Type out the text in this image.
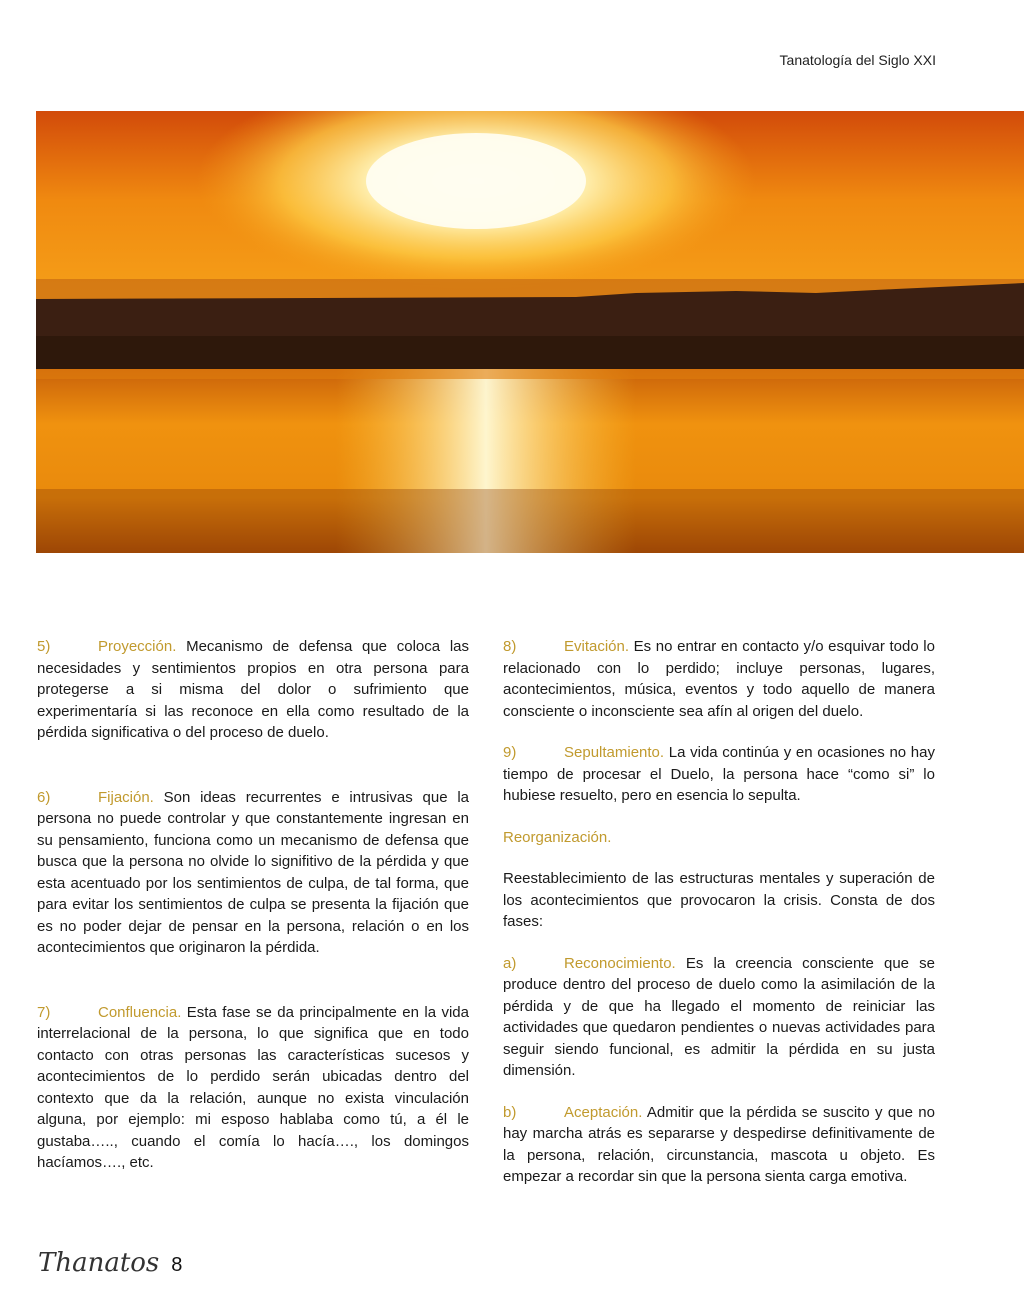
Tanatología del Siglo XXI

5)	Proyección. Mecanismo de defensa que coloca las necesidades y sentimientos propios en otra persona para protegerse a si misma del dolor o sufrimiento que experimentaría si las reconoce en ella como resultado de la pérdida significativa o del proceso de duelo.

6)	Fijación. Son ideas recurrentes e intrusivas que la persona no puede controlar y que constantemente ingresan en su pensamiento, funciona como un mecanismo de defensa que busca que la persona no olvide lo signifitivo de la pérdida y que esta acentuado por los sentimientos de culpa, de tal forma, que para evitar los sentimientos de culpa se presenta la fijación que es no poder dejar de pensar en la persona, relación o en los acontecimientos que originaron la pérdida.

7)	Confluencia. Esta fase se da principalmente en la vida interrelacional de la persona, lo que significa que en todo contacto con otras personas las características sucesos y acontecimientos de lo perdido serán ubicadas dentro del contexto que da la relación, aunque no exista vinculación alguna, por ejemplo: mi esposo hablaba como tú, a él le gustaba….., cuando el comía lo hacía…., los domingos hacíamos…., etc.

8)	Evitación. Es no entrar en contacto y/o esquivar todo lo relacionado con lo perdido; incluye personas, lugares, acontecimientos, música, eventos y todo aquello de manera consciente o inconsciente sea afín al origen del duelo.

9)	Sepultamiento. La vida continúa y en ocasiones no hay tiempo de procesar el Duelo, la persona hace “como si” lo hubiese resuelto, pero en esencia lo sepulta.

Reorganización.

Reestablecimiento de las estructuras mentales y superación de los acontecimientos que provocaron la crisis. Consta de dos fases:

a)	Reconocimiento. Es la creencia consciente que se produce dentro del proceso de duelo como la asimilación de la pérdida y de que ha llegado el momento de reiniciar las actividades que quedaron pendientes o nuevas actividades para seguir siendo funcional, es admitir la pérdida en su justa dimensión.

b)	Aceptación. Admitir que la pérdida se suscito y que no hay marcha atrás es separarse y despedirse definitivamente de la persona, relación, circunstancia, mascota u objeto. Es empezar a recordar sin que la persona sienta carga emotiva.

Thanatos 8
